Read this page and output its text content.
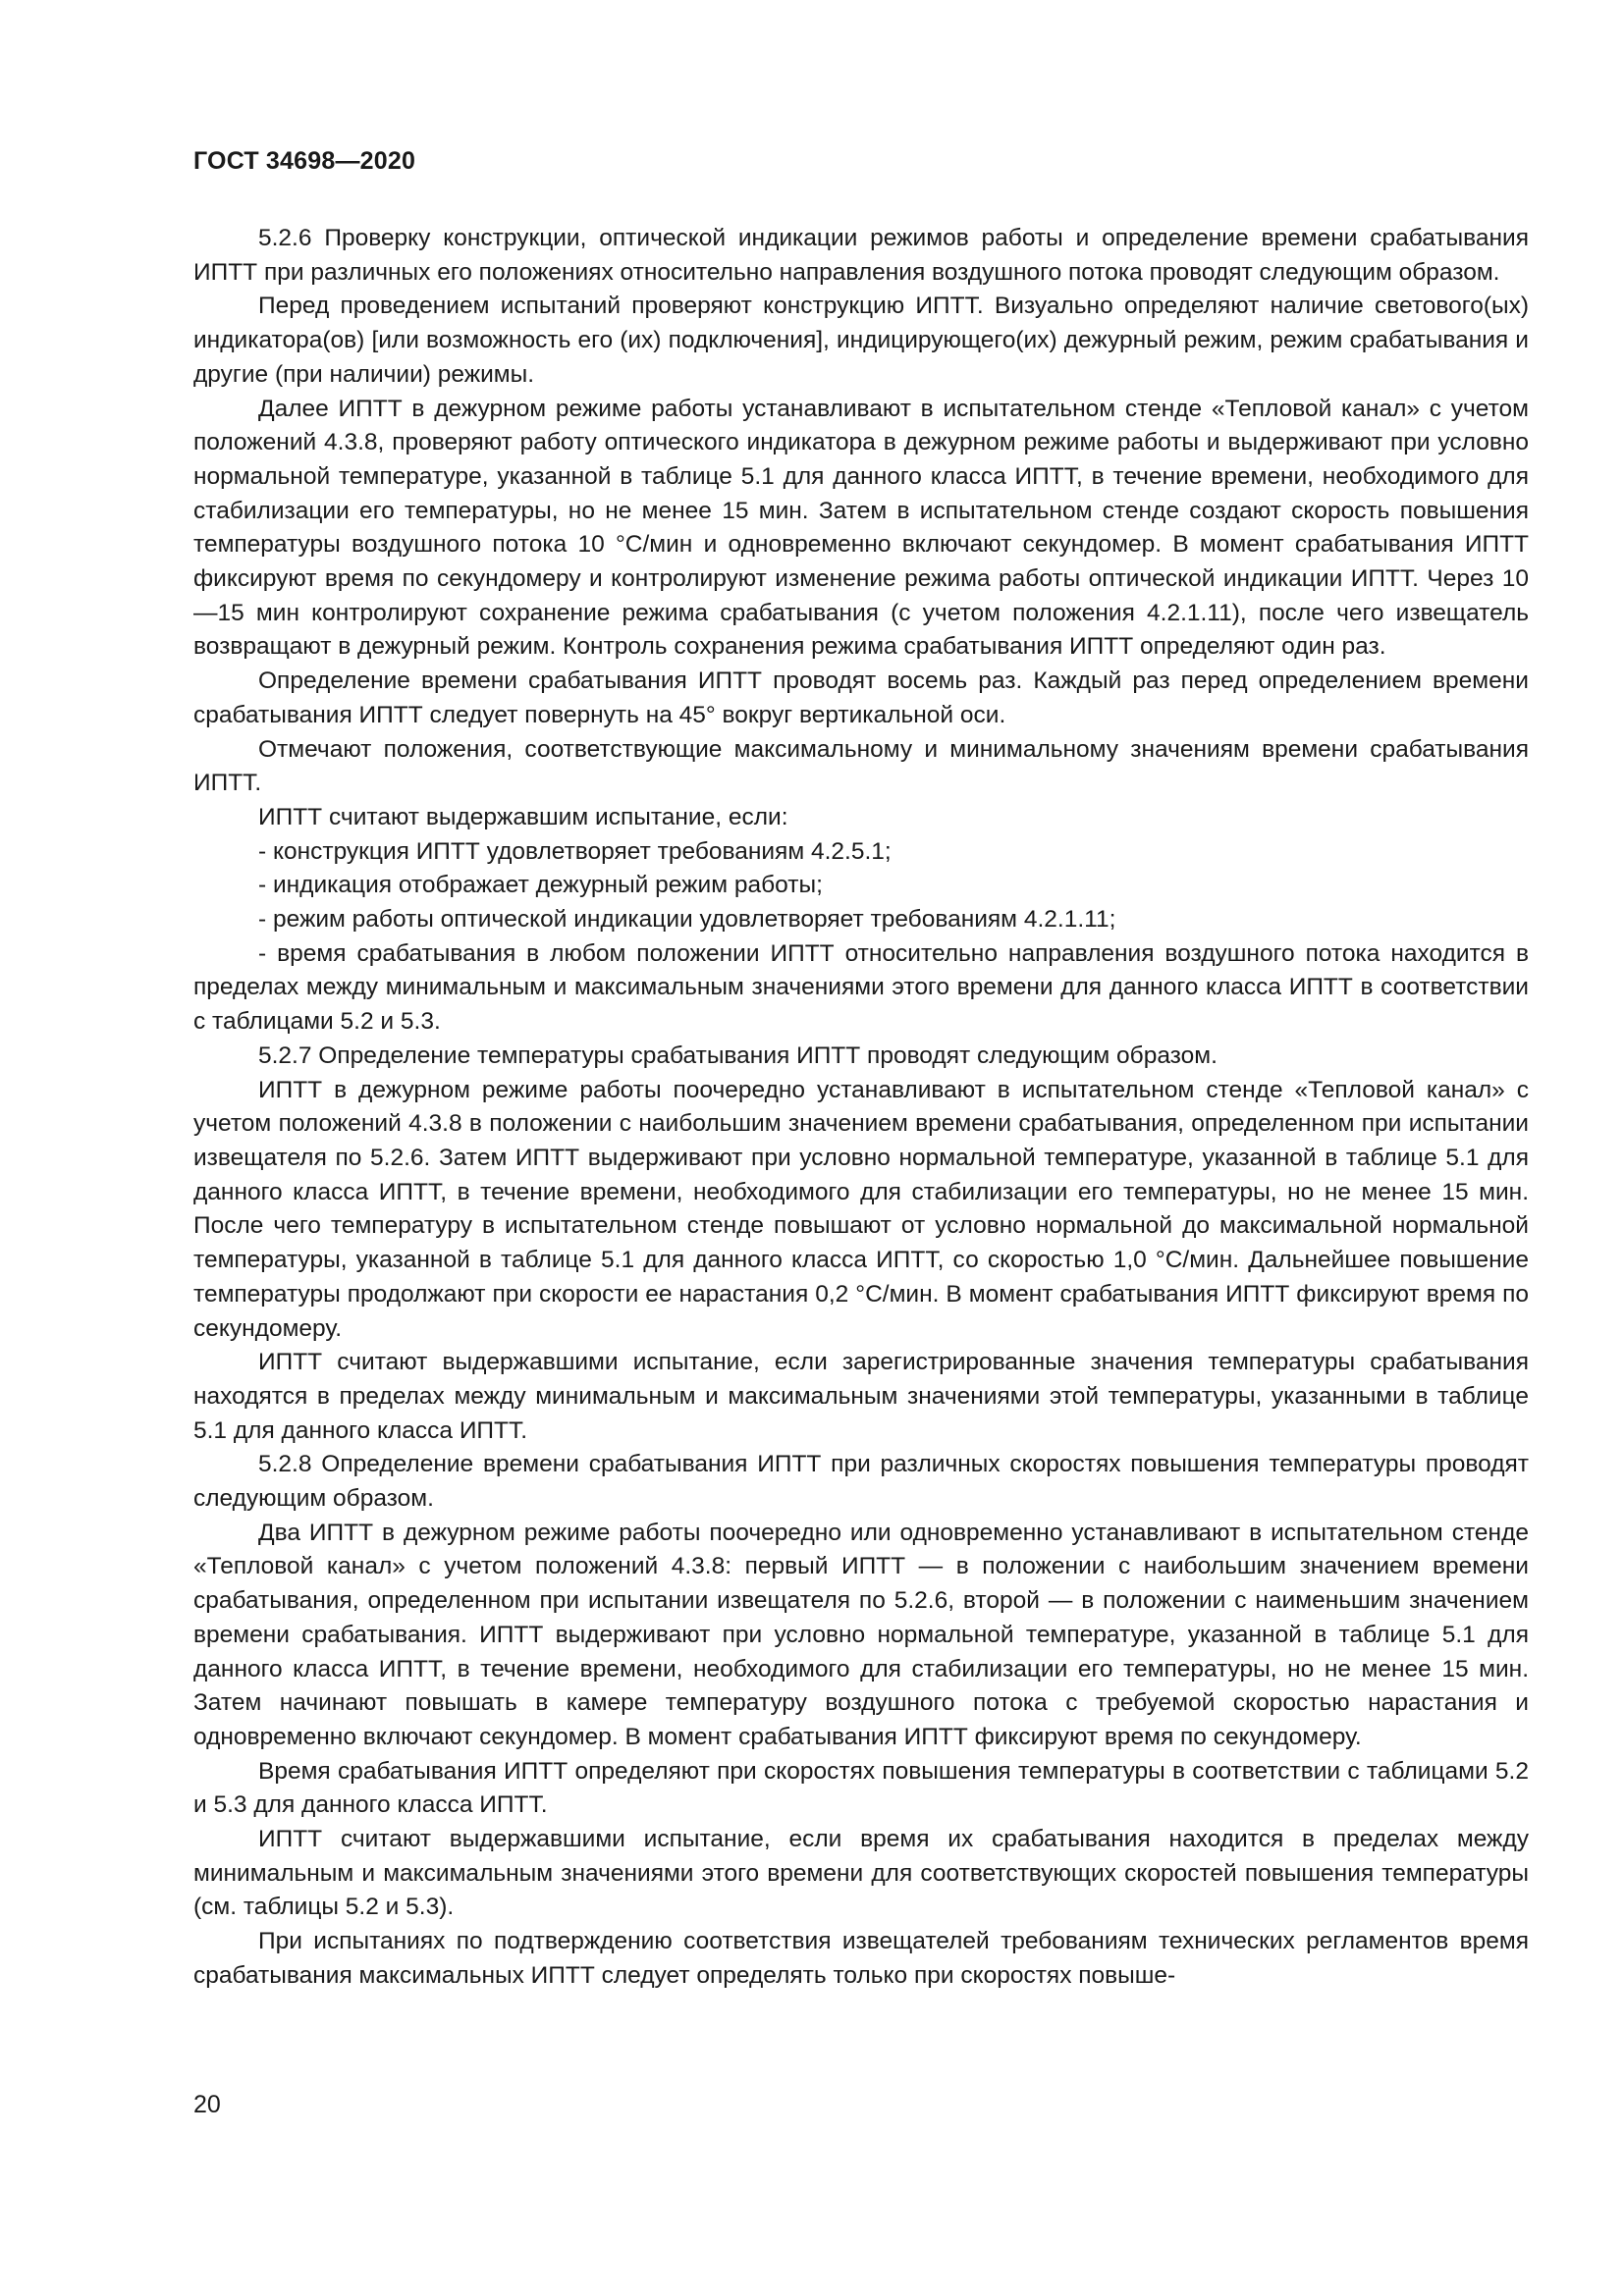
ГОСТ 34698—2020

5.2.6 Проверку конструкции, оптической индикации режимов работы и определение времени срабатывания ИПТТ при различных его положениях относительно направления воздушного потока проводят следующим образом.

Перед проведением испытаний проверяют конструкцию ИПТТ. Визуально определяют наличие светового(ых) индикатора(ов) [или возможность его (их) подключения], индицирующего(их) дежурный режим, режим срабатывания и другие (при наличии) режимы.

Далее ИПТТ в дежурном режиме работы устанавливают в испытательном стенде «Тепловой канал» с учетом положений 4.3.8, проверяют работу оптического индикатора в дежурном режиме работы и выдерживают при условно нормальной температуре, указанной в таблице 5.1 для данного класса ИПТТ, в течение времени, необходимого для стабилизации его температуры, но не менее 15 мин. Затем в испытательном стенде создают скорость повышения температуры воздушного потока 10 °С/мин и одновременно включают секундомер. В момент срабатывания ИПТТ фиксируют время по секундомеру и контролируют изменение режима работы оптической индикации ИПТТ. Через 10—15 мин контролируют сохранение режима срабатывания (с учетом положения 4.2.1.11), после чего извещатель возвращают в дежурный режим. Контроль сохранения режима срабатывания ИПТТ определяют один раз.

Определение времени срабатывания ИПТТ проводят восемь раз. Каждый раз перед определением времени срабатывания ИПТТ следует повернуть на 45° вокруг вертикальной оси.

Отмечают положения, соответствующие максимальному и минимальному значениям времени срабатывания ИПТТ.

ИПТТ считают выдержавшим испытание, если:

- конструкция ИПТТ удовлетворяет требованиям 4.2.5.1;

- индикация отображает дежурный режим работы;

- режим работы оптической индикации удовлетворяет требованиям 4.2.1.11;

- время срабатывания в любом положении ИПТТ относительно направления воздушного потока находится в пределах между минимальным и максимальным значениями этого времени для данного класса ИПТТ в соответствии с таблицами 5.2 и 5.3.

5.2.7 Определение температуры срабатывания ИПТТ проводят следующим образом.

ИПТТ в дежурном режиме работы поочередно устанавливают в испытательном стенде «Тепловой канал» с учетом положений 4.3.8 в положении с наибольшим значением времени срабатывания, определенном при испытании извещателя по 5.2.6. Затем ИПТТ выдерживают при условно нормальной температуре, указанной в таблице 5.1 для данного класса ИПТТ, в течение времени, необходимого для стабилизации его температуры, но не менее 15 мин. После чего температуру в испытательном стенде повышают от условно нормальной до максимальной нормальной температуры, указанной в таблице 5.1 для данного класса ИПТТ, со скоростью 1,0 °С/мин. Дальнейшее повышение температуры продолжают при скорости ее нарастания 0,2 °С/мин. В момент срабатывания ИПТТ фиксируют время по секундомеру.

ИПТТ считают выдержавшими испытание, если зарегистрированные значения температуры срабатывания находятся в пределах между минимальным и максимальным значениями этой температуры, указанными в таблице 5.1 для данного класса ИПТТ.

5.2.8 Определение времени срабатывания ИПТТ при различных скоростях повышения температуры проводят следующим образом.

Два ИПТТ в дежурном режиме работы поочередно или одновременно устанавливают в испытательном стенде «Тепловой канал» с учетом положений 4.3.8: первый ИПТТ — в положении с наибольшим значением времени срабатывания, определенном при испытании извещателя по 5.2.6, второй — в положении с наименьшим значением времени срабатывания. ИПТТ выдерживают при условно нормальной температуре, указанной в таблице 5.1 для данного класса ИПТТ, в течение времени, необходимого для стабилизации его температуры, но не менее 15 мин. Затем начинают повышать в камере температуру воздушного потока с требуемой скоростью нарастания и одновременно включают секундомер. В момент срабатывания ИПТТ фиксируют время по секундомеру.

Время срабатывания ИПТТ определяют при скоростях повышения температуры в соответствии с таблицами 5.2 и 5.3 для данного класса ИПТТ.

ИПТТ считают выдержавшими испытание, если время их срабатывания находится в пределах между минимальным и максимальным значениями этого времени для соответствующих скоростей повышения температуры (см. таблицы 5.2 и 5.3).

При испытаниях по подтверждению соответствия извещателей требованиям технических регламентов время срабатывания максимальных ИПТТ следует определять только при скоростях повыше-

20
